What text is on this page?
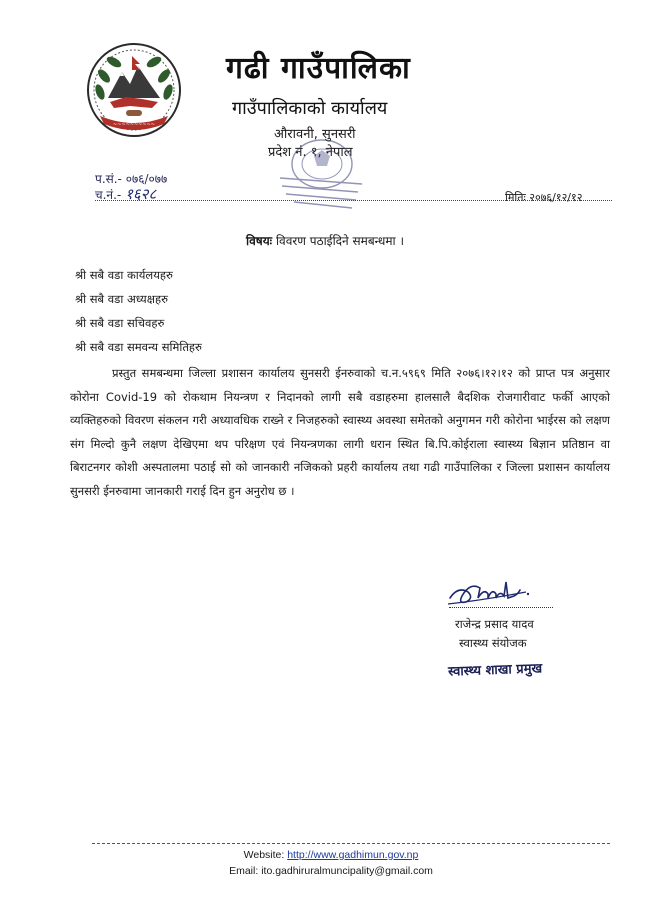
~~~~~~~~~~
गढी गाउँपालिका
गाउँपालिकाको कार्यालय
औरावनी, सुनसरी
प्रदेश नं. १, नेपाल
प.सं.- ०७६/०७७
च.नं.- १६२८	मितिः २०७६/१२/१२
विषयः विवरण पठाईदिने समबन्धमा ।
श्री सबै वडा कार्यलयहरु
श्री सबै वडा अध्यक्षहरु
श्री सबै वडा सचिवहरु
श्री सबै वडा समवन्य समितिहरु

प्रस्तुत समबन्धमा जिल्ला प्रशासन कार्यालय सुनसरी ईनरुवाको च.न.५९६९ मिति २०७६।१२।१२ को प्राप्त पत्र अनुसार कोरोना Covid-19 को रोकथाम नियन्त्रण र निदानको लागी सबै वडाहरुमा हालसालै बैदशिक रोजगारीवाट फर्की आएको व्यक्तिहरुको विवरण संकलन गरी अध्यावधिक राख्ने र निजहरुको स्वास्थ्य अवस्था समेतको अनुगमन गरी कोरोना भाईरस को लक्षण संग मिल्दो कुनै लक्षण देखिएमा थप परिक्षण एवं नियन्त्रणका लागी धरान स्थित बि.पि.कोईराला स्वास्थ्य बिज्ञान प्रतिष्ठान वा बिराटनगर कोशी अस्पतालमा पठाई सो को जानकारी नजिकको प्रहरी कार्यालय तथा गढी गाउँपालिका र जिल्ला प्रशासन कार्यालय सुनसरी ईनरुवामा जानकारी गराई दिन हुन अनुरोध छ ।

राजेन्द्र प्रसाद यादव
स्वास्थ्य संयोजक
स्वास्थ्य शाखा प्रमुख
Website: http://www.gadhimun.gov.np
Email: ito.gadhiruralmuncipality@gmail.com
